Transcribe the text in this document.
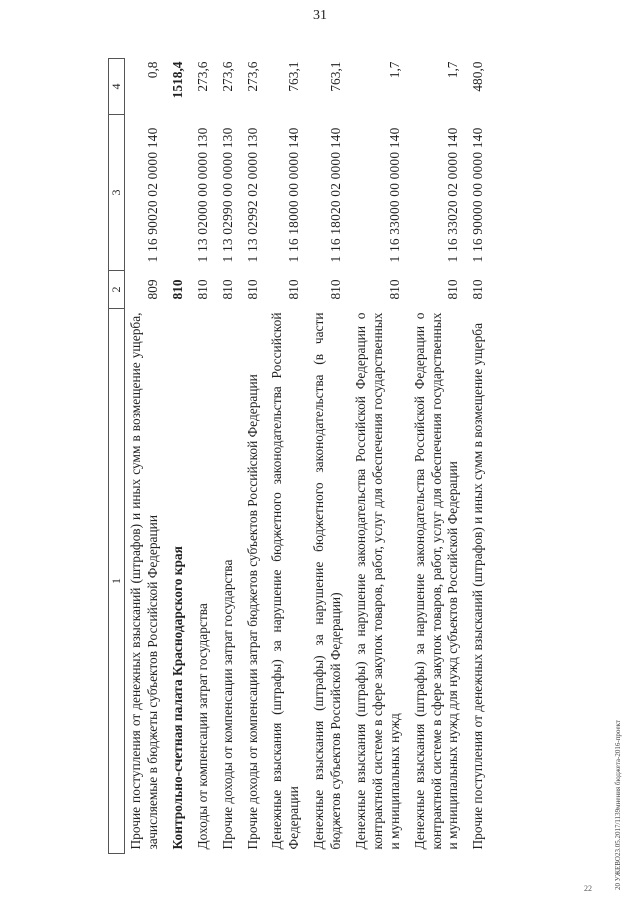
31
1	2	3	4
Прочие поступления от денежных взысканий (штрафов) и иных сумм в возмещение ущерба, зачисляемые в бюджеты субъектов Российской Федерации	809	1 16 90020 02 0000 140	0,8
Контрольно-счетная палата Краснодарского края	810		1518,4
Доходы от компенсации затрат государства	810	1 13 02000 00 0000 130	273,6
Прочие доходы от компенсации затрат государства	810	1 13 02990 00 0000 130	273,6
Прочие доходы от компенсации затрат бюджетов субъектов Российской Федерации	810	1 13 02992 02 0000 130	273,6
Денежные взыскания (штрафы) за нарушение бюджетного законодательства Российской Федерации	810	1 16 18000 00 0000 140	763,1
Денежные взыскания (штрафы) за нарушение бюджетного законодательства (в части бюджетов субъектов Российской Федерации)	810	1 16 18020 02 0000 140	763,1
Денежные взыскания (штрафы) за нарушение законодательства Российской Федерации о контрактной системе в сфере закупок товаров, работ, услуг для обеспечения государственных и муниципальных нужд	810	1 16 33000 00 0000 140	1,7
Денежные взыскания (штрафы) за нарушение законодательства Российской Федерации о контрактной системе в сфере закупок товаров, работ, услуг для обеспечения государственных и муниципальных нужд для нужд субъектов Российской Федерации	810	1 16 33020 02 0000 140	1,7
Прочие поступления от денежных взысканий (штрафов) и иных сумм в возмещение ущерба	810	1 16 90000 00 0000 140	480,0
20 УЖЕВО23.05.2017/1139мнения бюджета-2016-проект
22
